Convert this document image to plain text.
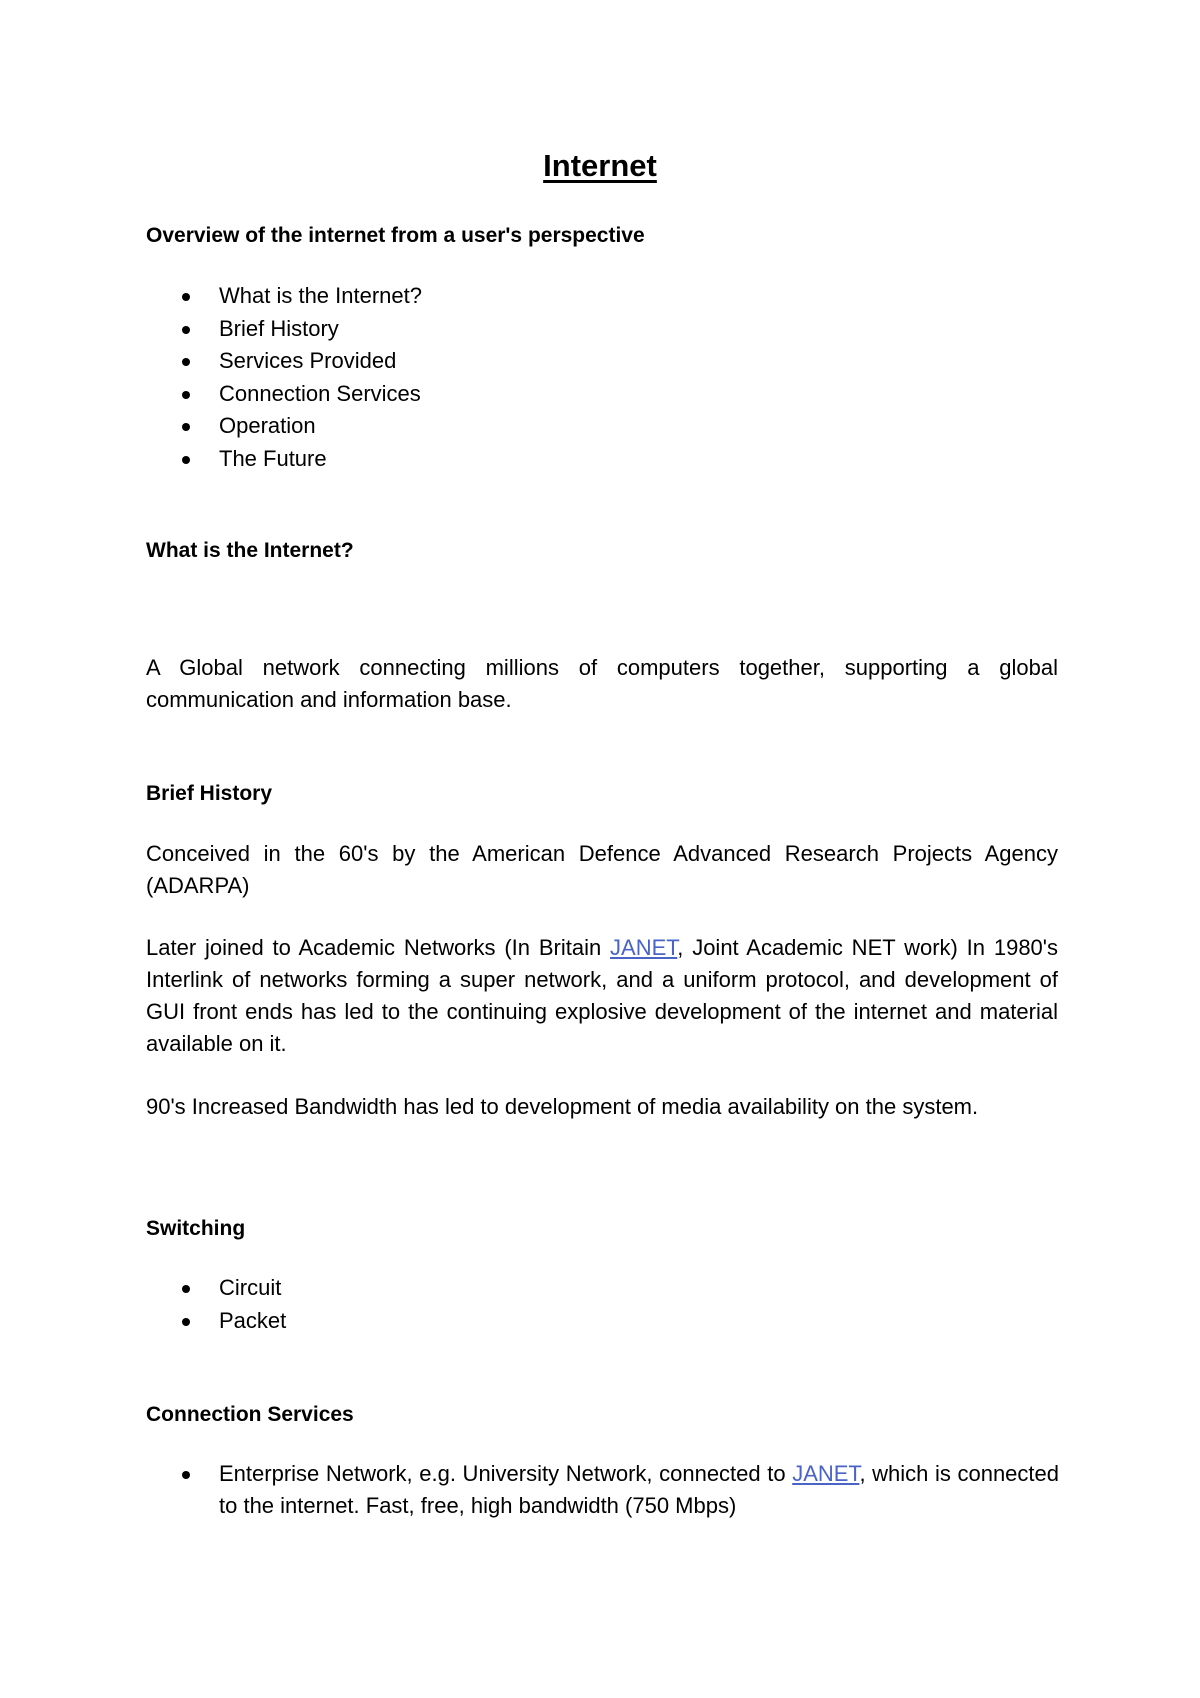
Internet
Overview of the internet from a user's perspective
What is the Internet?
Brief History
Services Provided
Connection Services
Operation
The Future
What is the Internet?
A Global network connecting millions of computers together, supporting a global communication and information base.
Brief History
Conceived in the 60's by the American Defence Advanced Research Projects Agency (ADARPA)
Later joined to Academic Networks (In Britain JANET, Joint Academic NET work) In 1980's Interlink of networks forming a super network, and a uniform protocol, and development of GUI front ends has led to the continuing explosive development of the internet and material available on it.
90's Increased Bandwidth has led to development of media availability on the system.
Switching
Circuit
Packet
Connection Services
Enterprise Network, e.g. University Network, connected to JANET, which is connected to the internet. Fast, free, high bandwidth (750 Mbps)
